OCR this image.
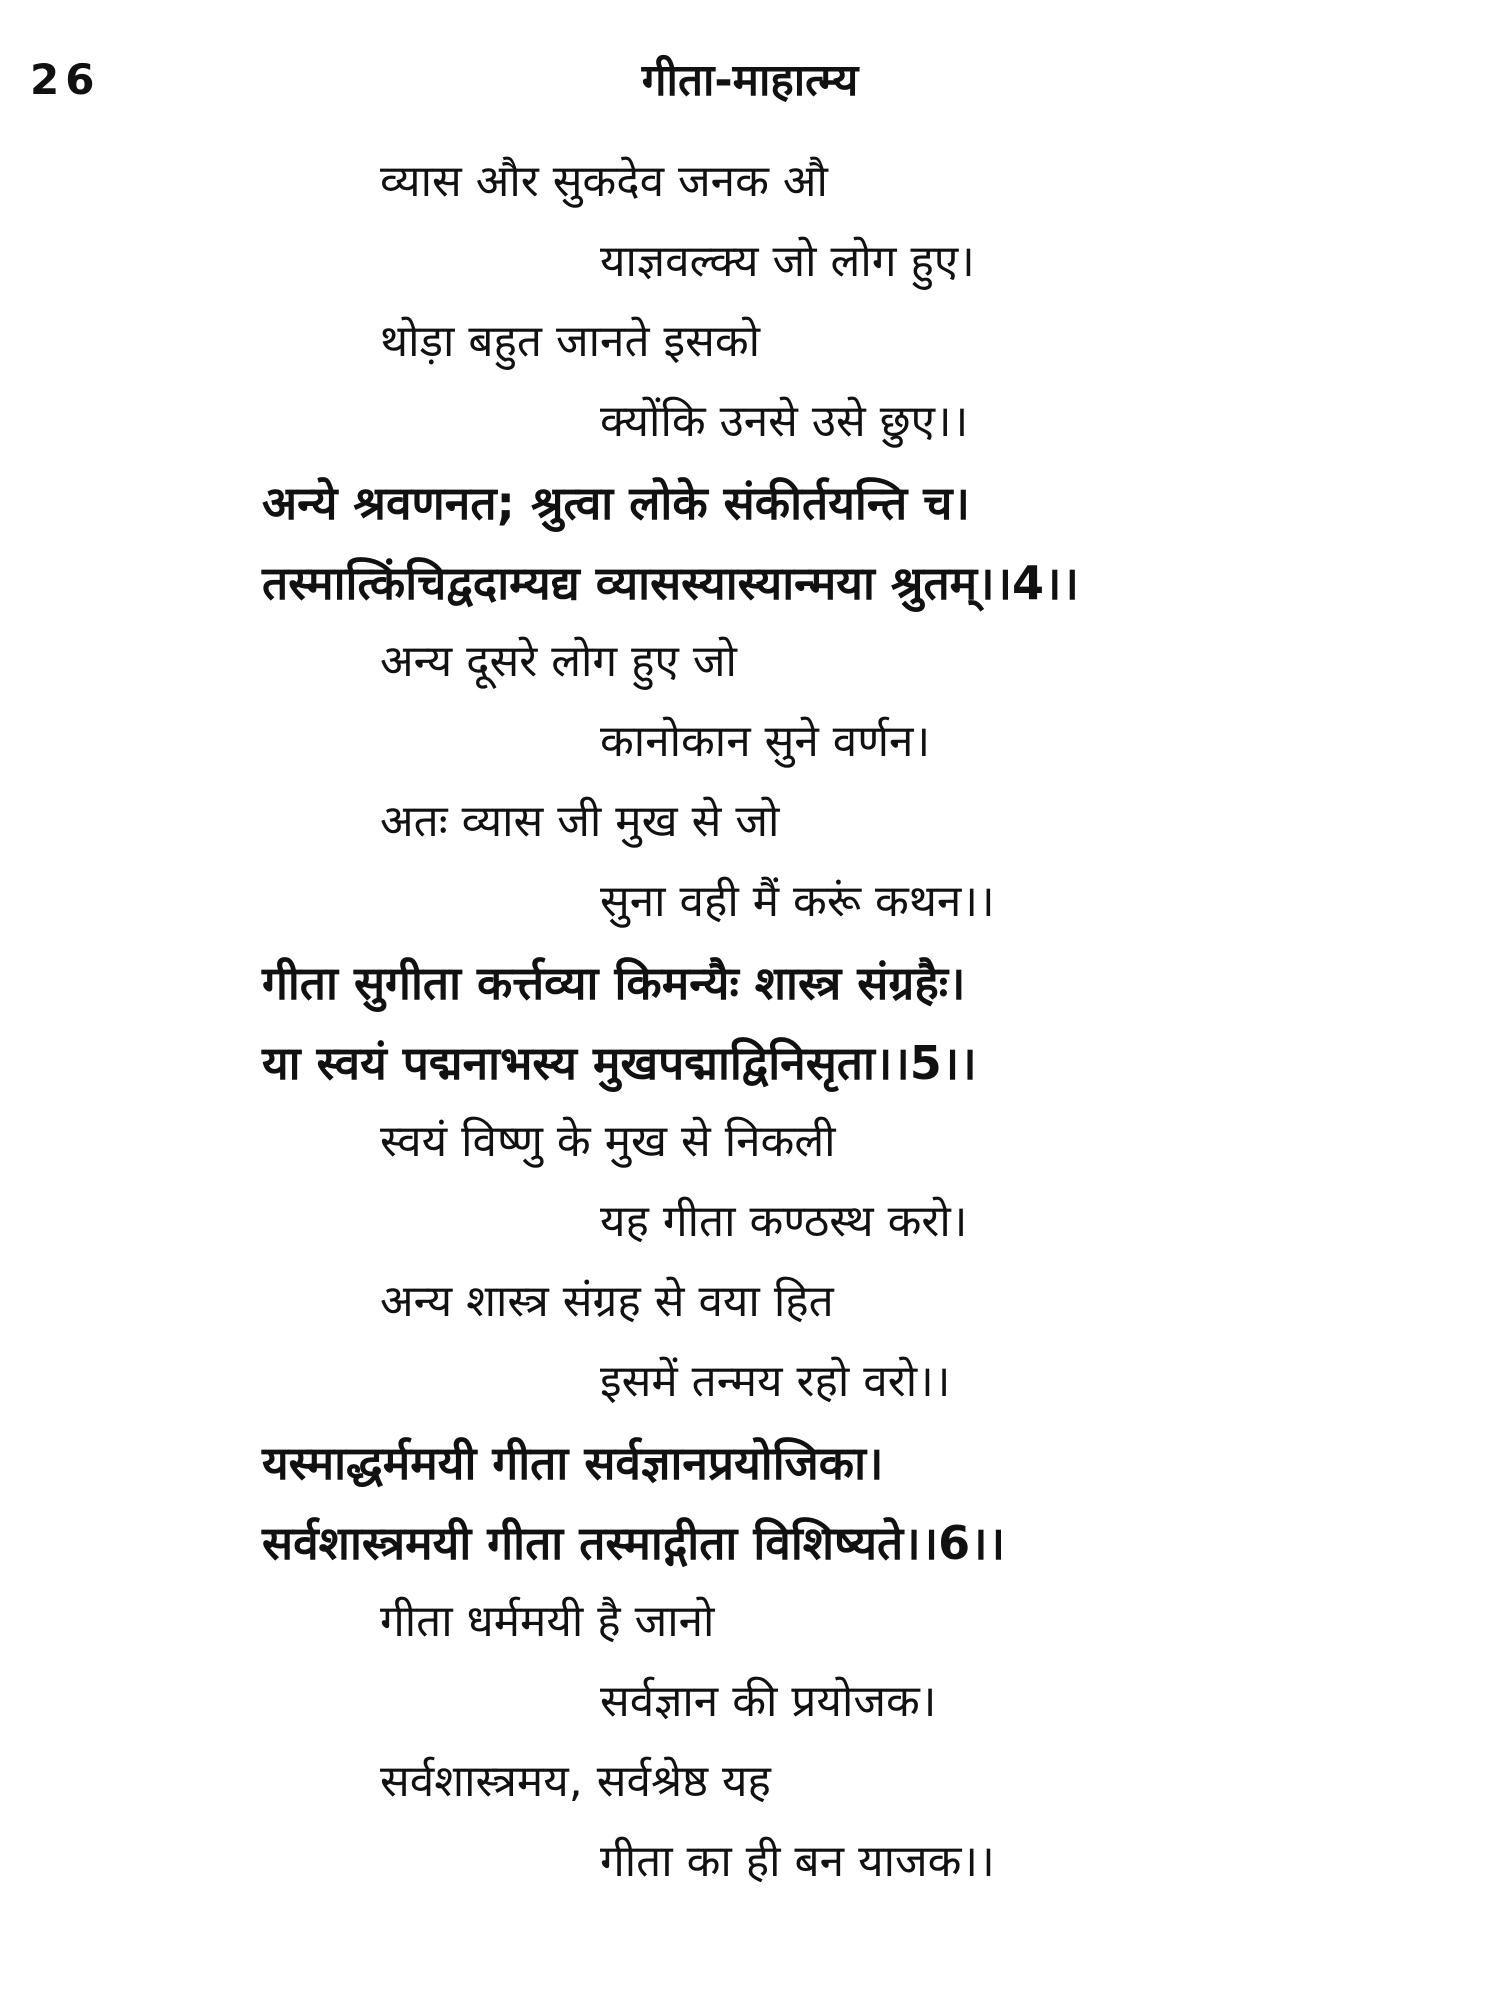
26	गीता-माहात्म्य
व्यास और सुकदेव जनक औ
याज्ञवल्क्य जो लोग हुए।
थोड़ा बहुत जानते इसको
क्योंकि उनसे उसे छुए।।
अन्ये श्रवणनत; श्रुत्वा लोके संकीर्तयन्ति च।
तस्मात्किंचिद्वदाम्यद्य व्यासस्यास्यान्मया श्रुतम्।।4।।
अन्य दूसरे लोग हुए जो
कानोकान सुने वर्णन।
अतः व्यास जी मुख से जो
सुना वही मैं करूं कथन।।
गीता सुगीता कर्त्तव्या किमन्यैः शास्त्र संग्रहैः।
या स्वयं पद्मनाभस्य मुखपद्माद्विनिसृता।।5।।
स्वयं विष्णु के मुख से निकली
यह गीता कण्ठस्थ करो।
अन्य शास्त्र संग्रह से वया हित
इसमें तन्मय रहो वरो।।
यस्माद्धर्ममयी गीता सर्वज्ञानप्रयोजिका।
सर्वशास्त्रमयी गीता तस्माद्गीता विशिष्यते।।6।।
गीता धर्ममयी है जानो
सर्वज्ञान की प्रयोजक।
सर्वशास्त्रमय, सर्वश्रेष्ठ यह
गीता का ही बन याजक।।
